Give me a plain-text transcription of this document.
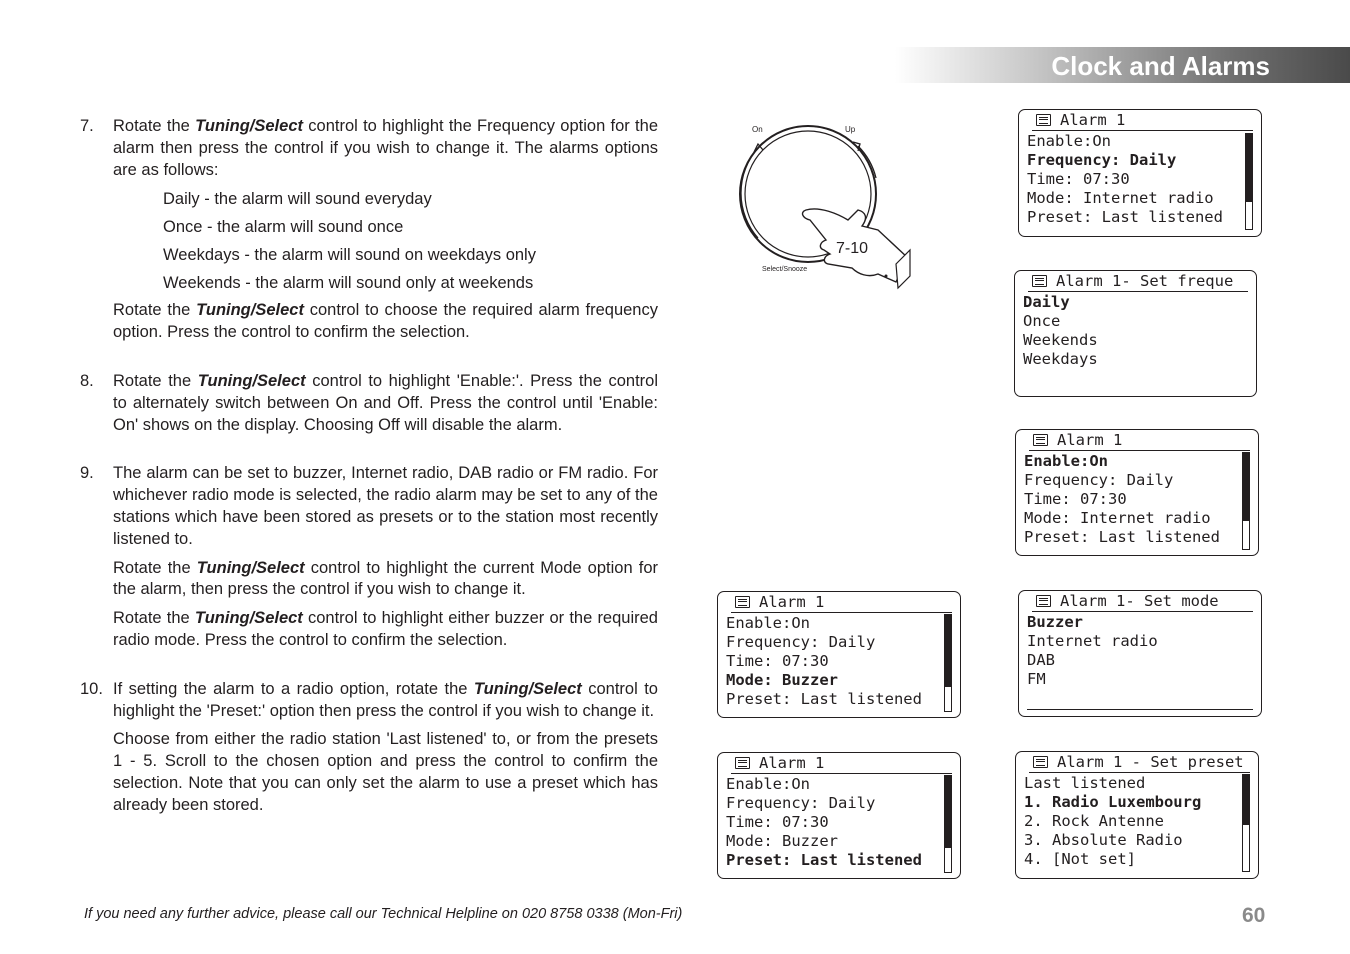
Clock and Alarms
7. Rotate the Tuning/Select control to highlight the Frequency option for the alarm then press the control if you wish to change it. The alarms options are as follows:

Daily - the alarm will sound everyday
Once - the alarm will sound once
Weekdays - the alarm will sound on weekdays only
Weekends - the alarm will sound only at weekends

Rotate the Tuning/Select control to choose the required alarm frequency option. Press the control to confirm the selection.

8. Rotate the Tuning/Select control to highlight 'Enable:'. Press the control to alternately switch between On and Off. Press the control until 'Enable: On' shows on the display. Choosing Off will disable the alarm.

9. The alarm can be set to buzzer, Internet radio, DAB radio or FM radio. For whichever radio mode is selected, the radio alarm may be set to any of the stations which have been stored as presets or to the station most recently listened to.

Rotate the Tuning/Select control to highlight the current Mode option for the alarm, then press the control if you wish to change it.

Rotate the Tuning/Select control to highlight either buzzer or the required radio mode. Press the control to confirm the selection.

10. If setting the alarm to a radio option, rotate the Tuning/Select control to highlight the 'Preset:' option then press the control if you wish to change it.

Choose from either the radio station 'Last listened' to, or from the presets 1 - 5. Scroll to the chosen option and press the control to confirm the selection. Note that you can only set the alarm to use a preset which has already been stored.

On	Up
7-10
Select/Snooze
Alarm 1
Enable:On
Frequency: Daily
Time: 07:30
Mode: Internet radio
Preset: Last listened
Alarm 1- Set freque
Daily
Once
Weekends
Weekdays
Alarm 1
Enable:On
Frequency: Daily
Time: 07:30
Mode: Internet radio
Preset: Last listened
Alarm 1
Enable:On
Frequency: Daily
Time: 07:30
Mode: Buzzer
Preset: Last listened
Alarm 1- Set mode
Buzzer
Internet radio
DAB
FM
Alarm 1
Enable:On
Frequency: Daily
Time: 07:30
Mode: Buzzer
Preset: Last listened
Alarm 1 - Set preset
Last listened
1. Radio Luxembourg
2. Rock Antenne
3. Absolute Radio
4. [Not set]
If you need any further advice, please call our Technical Helpline on 020 8758 0338 (Mon-Fri)	60
